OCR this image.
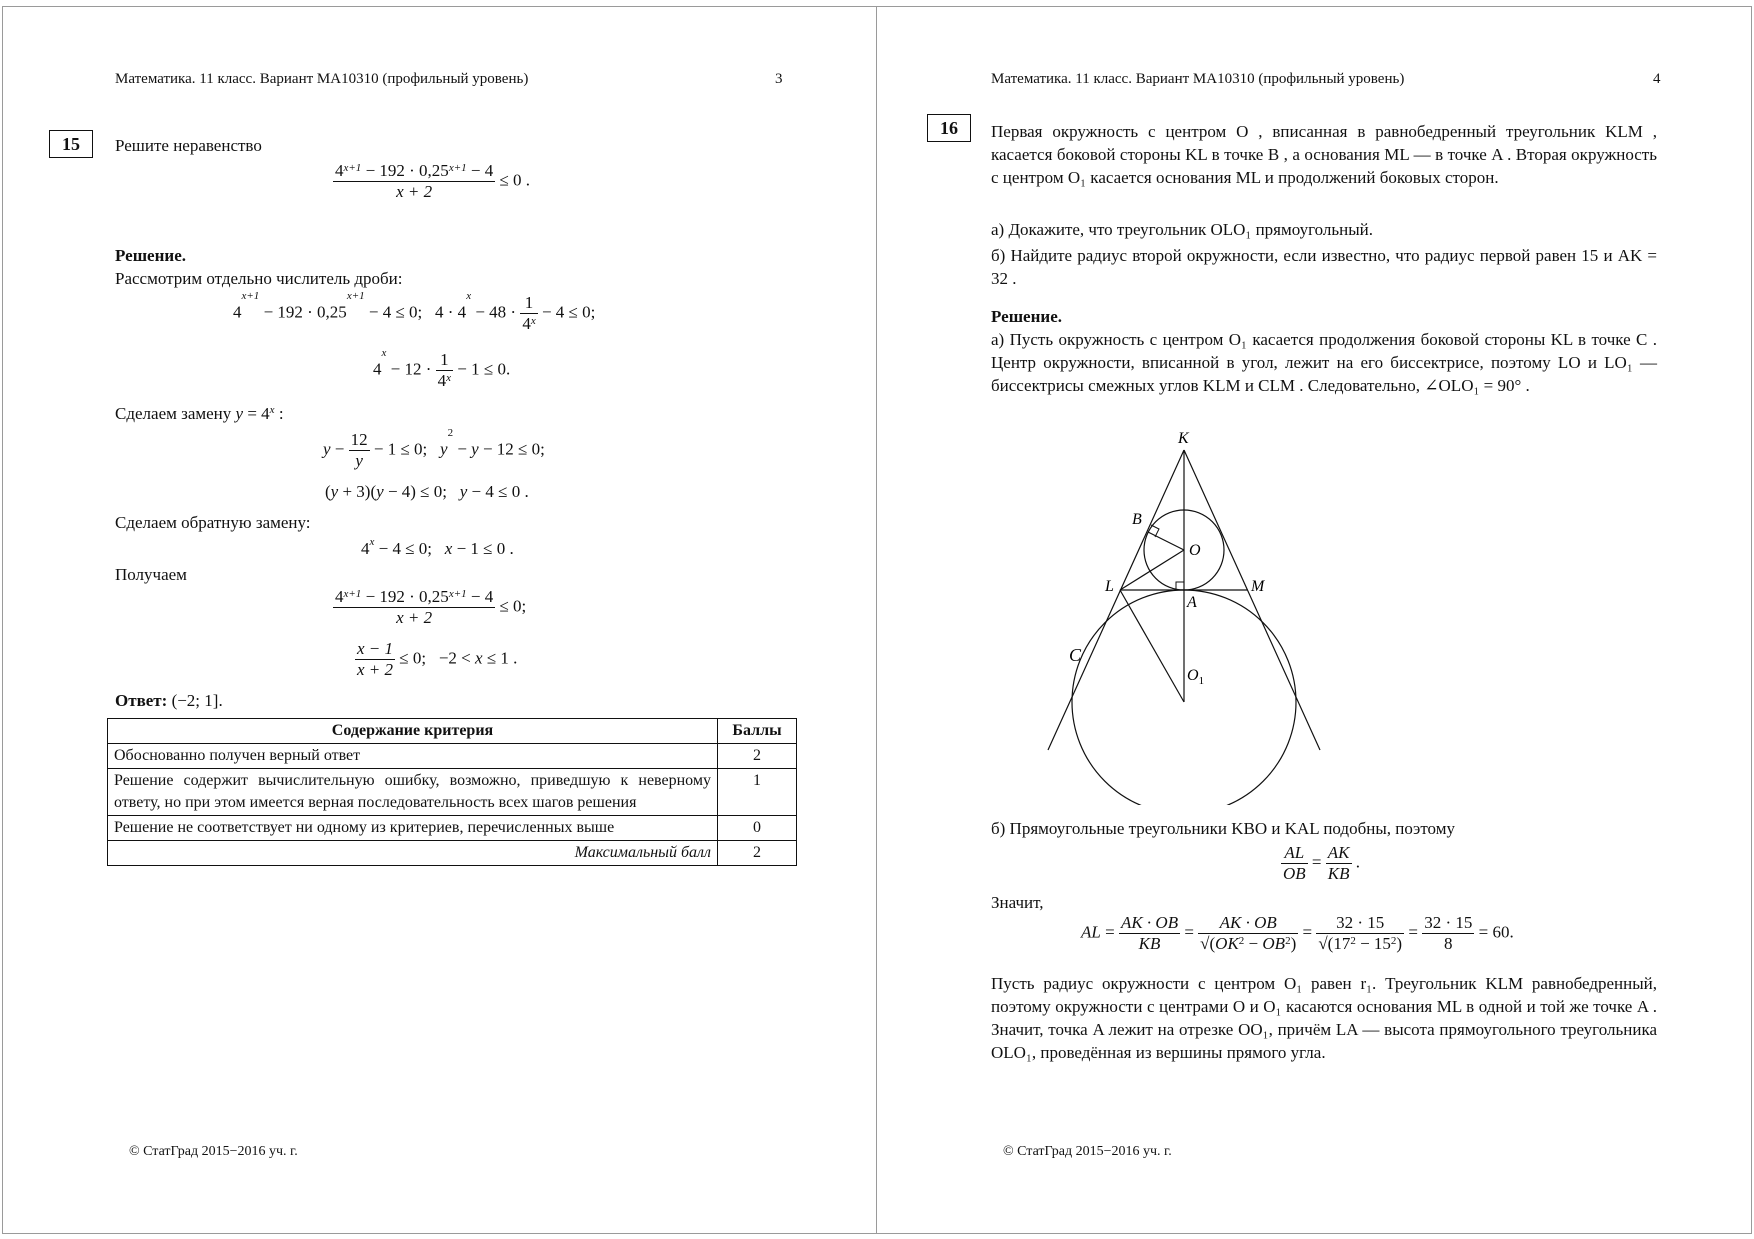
Математика. 11 класс. Вариант МА10310 (профильный уровень)	3
15	Решите неравенство
$\frac{4^{x+1} - 192 \cdot 0,25^{x+1} - 4}{x + 2} \le 0$ .
Решение.
Рассмотрим отдельно числитель дроби:
$4^{x+1} - 192 \cdot 0,25^{x+1} - 4 \le 0$;   $4 \cdot 4^x - 48 \cdot \frac{1}{4^x} - 4 \le 0$;
$4^x - 12 \cdot \frac{1}{4^x} - 1 \le 0$.
Сделаем замену $y = 4^x$ :
$y - \frac{12}{y} - 1 \le 0$;   $y^2 - y - 12 \le 0$;
(y + 3)(y − 4) ≤ 0;   y − 4 ≤ 0 .
Сделаем обратную замену:
$4^x - 4 \le 0$;   x − 1 ≤ 0 .
Получаем
$\frac{4^{x+1} - 192 \cdot 0,25^{x+1} - 4}{x + 2} \le 0$;
$\frac{x - 1}{x + 2} \le 0$;   −2 < x ≤ 1 .
Ответ: (−2; 1].
Содержание критерия	Баллы
Обоснованно получен верный ответ	2
Решение содержит вычислительную ошибку, возможно, приведшую к неверному ответу, но при этом имеется верная последовательность всех шагов решения	1
Решение не соответствует ни одному из критериев, перечисленных выше	0
Максимальный балл	2
© СтатГрад 2015−2016 уч. г.
Математика. 11 класс. Вариант МА10310 (профильный уровень)	4
16	Первая окружность с центром O , вписанная в равнобедренный треугольник KLM , касается боковой стороны KL в точке B , а основания ML — в точке A . Вторая окружность с центром O₁ касается основания ML и продолжений боковых сторон.
а) Докажите, что треугольник OLO₁ прямоугольный.
б) Найдите радиус второй окружности, если известно, что радиус первой равен 15 и AK = 32 .
Решение.
а) Пусть окружность с центром O₁ касается продолжения боковой стороны KL в точке C . Центр окружности, вписанной в угол, лежит на его биссектрисе, поэтому LO и LO₁ — биссектрисы смежных углов KLM и CLM . Следовательно, ∠OLO₁ = 90° .
K
B
O
L	M
A
C
$O_1$
б) Прямоугольные треугольники KBO и KAL подобны, поэтому
$\frac{AL}{OB} = \frac{AK}{KB}$ .
Значит,
AL = $\frac{AK \cdot OB}{KB} = \frac{AK \cdot OB}{√(OK^2 - OB^2)} = \frac{32 \cdot 15}{√(17^2 - 15^2)} = \frac{32 \cdot 15}{8} = 60$.
Пусть радиус окружности с центром O₁ равен r₁. Треугольник KLM равнобедренный, поэтому окружности с центрами O и O₁ касаются основания ML в одной и той же точке A . Значит, точка A лежит на отрезке OO₁, причём LA — высота прямоугольного треугольника OLO₁, проведённая из вершины прямого угла.
© СтатГрад 2015−2016 уч. г.
